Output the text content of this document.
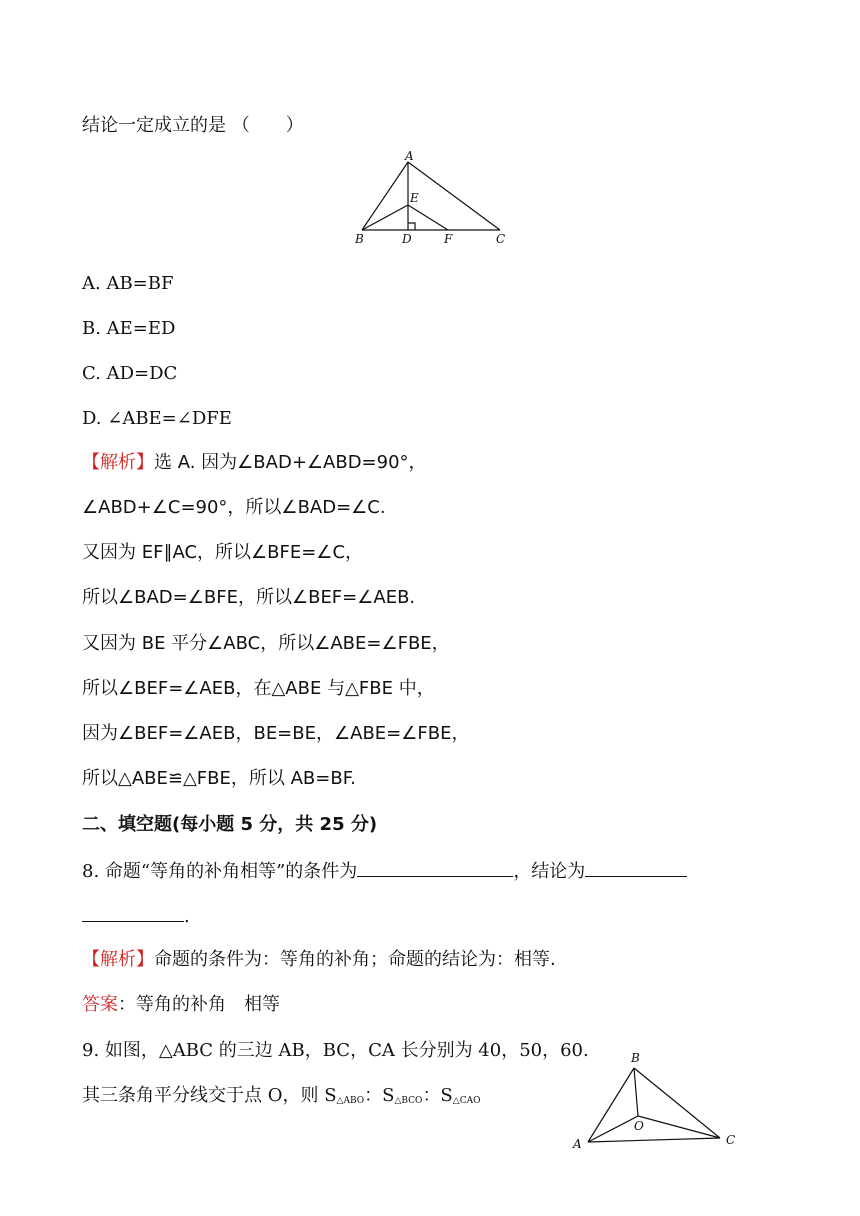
结论一定成立的是 （　　）
A
B	C
D
E
F
A. AB=BF
B. AE=ED
C. AD=DC
D. ∠ABE=∠DFE
【解析】选 A. 因为∠BAD+∠ABD=90°，
∠ABD+∠C=90°，所以∠BAD=∠C.
又因为 EF∥AC，所以∠BFE=∠C，
所以∠BAD=∠BFE，所以∠BEF=∠AEB.
又因为 BE 平分∠ABC，所以∠ABE=∠FBE，
所以∠BEF=∠AEB，在△ABE 与△FBE 中，
因为∠BEF=∠AEB，BE=BE，∠ABE=∠FBE，
所以△ABE≌△FBE，所以 AB=BF.
二、填空题(每小题 5 分，共 25 分)
8. 命题“等角的补角相等”的条件为	，结论为
.
【解析】命题的条件为：等角的补角；命题的结论为：相等.
答案：等角的补角　相等
9. 如图，△ABC 的三边 AB，BC，CA 长分别为 40，50，60.
其三条角平分线交于点 O，则 $S_{\triangle ABO}$：$S_{\triangle BCO}$：$S_{\triangle CAO}$
B
A	C
O
